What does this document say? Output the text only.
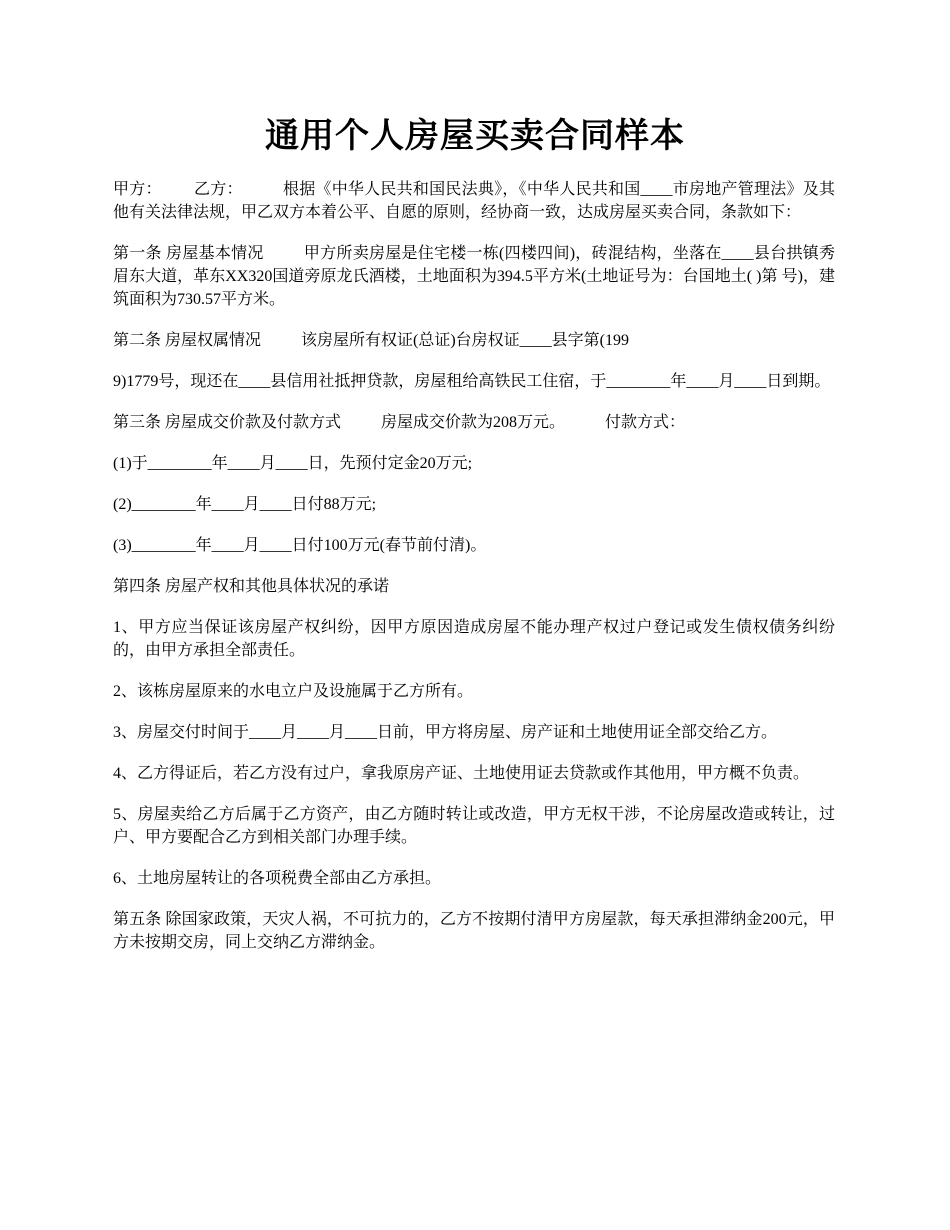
通用个人房屋买卖合同样本

甲方： 乙方：	根据《中华人民共和国民法典》，《中华人民共和国____市房地产管理法》及其他有关法律法规，甲乙双方本着公平、自愿的原则，经协商一致，达成房屋买卖合同，条款如下：

第一条 房屋基本情况	甲方所卖房屋是住宅楼一栋(四楼四间)，砖混结构，坐落在____县台拱镇秀眉东大道，革东XX320国道旁原龙氏酒楼，土地面积为394.5平方米(土地证号为：台国地土( )第 号)，建筑面积为730.57平方米。

第二条 房屋权属情况	该房屋所有权证(总证)台房权证____县字第(199

9)1779号，现还在____县信用社抵押贷款，房屋租给高铁民工住宿，于________年____月____日到期。

第三条 房屋成交价款及付款方式	房屋成交价款为208万元。	付款方式：

(1)于________年____月____日，先预付定金20万元;

(2)________年____月____日付88万元;

(3)________年____月____日付100万元(春节前付清)。

第四条 房屋产权和其他具体状况的承诺

1、甲方应当保证该房屋产权纠纷，因甲方原因造成房屋不能办理产权过户登记或发生债权债务纠纷的，由甲方承担全部责任。

2、该栋房屋原来的水电立户及设施属于乙方所有。

3、房屋交付时间于____月____月____日前，甲方将房屋、房产证和土地使用证全部交给乙方。

4、乙方得证后，若乙方没有过户，拿我原房产证、土地使用证去贷款或作其他用，甲方概不负责。

5、房屋卖给乙方后属于乙方资产，由乙方随时转让或改造，甲方无权干涉，不论房屋改造或转让，过户、甲方要配合乙方到相关部门办理手续。

6、土地房屋转让的各项税费全部由乙方承担。

第五条 除国家政策，天灾人祸，不可抗力的，乙方不按期付清甲方房屋款，每天承担滞纳金200元，甲方未按期交房，同上交纳乙方滞纳金。
